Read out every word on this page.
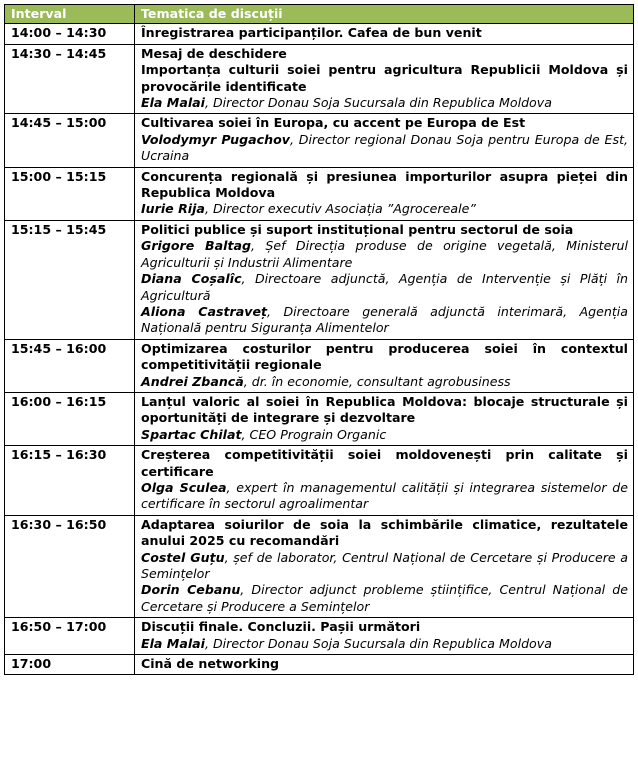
Interval	Tematica de discuții
14:00 – 14:30	Înregistrarea participanților. Cafea de bun venit

14:30 – 14:45	Mesaj de deschidere
Importanța culturii soiei pentru agricultura Republicii Moldova și provocările identificate
Ela Malai, Director Donau Soja Sucursala din Republica Moldova

14:45 – 15:00	Cultivarea soiei în Europa, cu accent pe Europa de Est
Volodymyr Pugachov, Director regional Donau Soja pentru Europa de Est, Ucraina

15:00 – 15:15	Concurența regională și presiunea importurilor asupra pieței din Republica Moldova
Iurie Rija, Director executiv Asociația ”Agrocereale”

15:15 – 15:45	Politici publice și suport instituțional pentru sectorul de soia
Grigore Baltag, Șef Direcția produse de origine vegetală, Ministerul Agriculturii și Industrii Alimentare
Diana Coșalîc, Directoare adjunctă, Agenția de Intervenție și Plăți în Agricultură
Aliona Castraveț, Directoare generală adjunctă interimară, Agenția Națională pentru Siguranța Alimentelor

15:45 – 16:00	Optimizarea costurilor pentru producerea soiei în contextul competitivității regionale
Andrei Zbancă, dr. în economie, consultant agrobusiness

16:00 – 16:15	Lanțul valoric al soiei în Republica Moldova: blocaje structurale și oportunități de integrare și dezvoltare
Spartac Chilat, CEO Prograin Organic

16:15 – 16:30	Creșterea competitivității soiei moldovenești prin calitate și certificare
Olga Sculea, expert în managementul calității și integrarea sistemelor de certificare în sectorul agroalimentar

16:30 – 16:50	Adaptarea soiurilor de soia la schimbările climatice, rezultatele anului 2025 cu recomandări
Costel Guțu, șef de laborator, Centrul Național de Cercetare și Producere a Semințelor
Dorin Cebanu, Director adjunct probleme științifice, Centrul Național de Cercetare și Producere a Semințelor

16:50 – 17:00	Discuții finale. Concluzii. Pașii următori
Ela Malai, Director Donau Soja Sucursala din Republica Moldova

17:00	Cină de networking
